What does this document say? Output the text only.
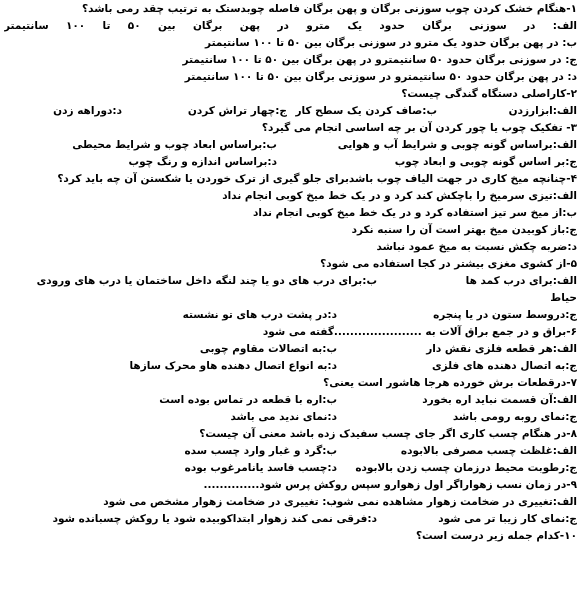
۱-هنگام خشک کردن چوب سوزنی برگان و پهن برگان فاصله چوبدستک به ترتیب چقد رمی باشد؟
الف: در سوزنی برگان حدود یک مترو در پهن برگان بین ۵۰ تا ۱۰۰ سانتیمتر
ب: در پهن برگان حدود یک مترو در سوزنی برگان بین ۵۰ تا ۱۰۰ سانتیمتر
ج: در سوزنی برگان حدود ۵۰ سانتیمترو در پهن برگان بین ۵۰ تا ۱۰۰ سانتیمتر
د: در پهن برگان حدود ۵۰ سانتیمترو در سوزنی برگان بین ۵۰ تا ۱۰۰ سانتیمتر
۲-کاراصلی دستگاه گندگی چیست؟
الف:ابزارزدن
ب:صاف کردن یک سطح کار
ج:چهار تراش کردن
د:دوراهه زدن
۳- تفکیک چوب یا چور کردن آن بر چه اساسی انجام می گیرد؟
الف:براساس گونه چوبی و شرایط آب و هوایی
ب:براساس ابعاد چوب و شرایط محیطی
ج:بر اساس گونه چوبی و ابعاد چوب
د:براساس اندازه و رنگ چوب
۴-چنانچه میخ کاری در جهت الیاف چوب باشدبرای جلو گیری از ترک خوردن یا شکستن آن چه باید کرد؟
الف:تیزی سرمیخ را باچکش کند کرد و در یک خط میخ کوبی انجام نداد
ب:از میخ سر تیز استفاده کرد و در یک خط میخ کوبی انجام نداد
ج:باز کوبیدن میخ بهتر است آن را سنبه نکرد
د:ضربه چکش نسبت به میخ عمود نباشد
۵-از کشوی مغزی بیشتر در کجا استفاده می شود؟
الف:برای درب کمد ها
ب:برای درب های دو یا چند لنگه داخل ساختمان یا درب های ورودی
حیاط
ج:دروسط ستون در یا پنجره
د:در پشت درب های تو نشسته
۶-براق و در جمع براق آلات به ......................گفته می شود
الف:هر قطعه فلزی نقش دار
ب:به اتصالات مقاوم چوبی
ج:به اتصال دهنده های فلزی
د:به انواع اتصال دهنده هاو محرک سازها
۷-درقطعات برش خورده هرجا هاشور است یعنی؟
الف:آن قسمت نباید اره بخورد
ب:اره با قطعه در تماس بوده است
ج:نمای روبه رومی باشد
د:نمای ندید می باشد
۸-در هنگام چسب کاری اگر جای چسب سفیدک زده باشد معنی آن چیست؟
الف:غلظت چسب مصرفی بالابوده
ب:گرد و غبار وارد چسب سده
ج:رطوبت محیط درزمان چسب زدن بالابوده
د:چسب فاسد یانامرغوب بوده
۹-در زمان نسب زهواراگر اول زهوارو سپس روکش پرس شود..............
الف:تغییری در ضخامت زهوار مشاهده نمی شود
ب: تغییری در ضخامت زهوار مشخص می شود
ج:نمای کار زیبا تر می شود
د:فرقی نمی کند زهوار ابتداکوبیده شود یا روکش چسبانده شود
۱۰-کدام جمله زیر درست است؟
